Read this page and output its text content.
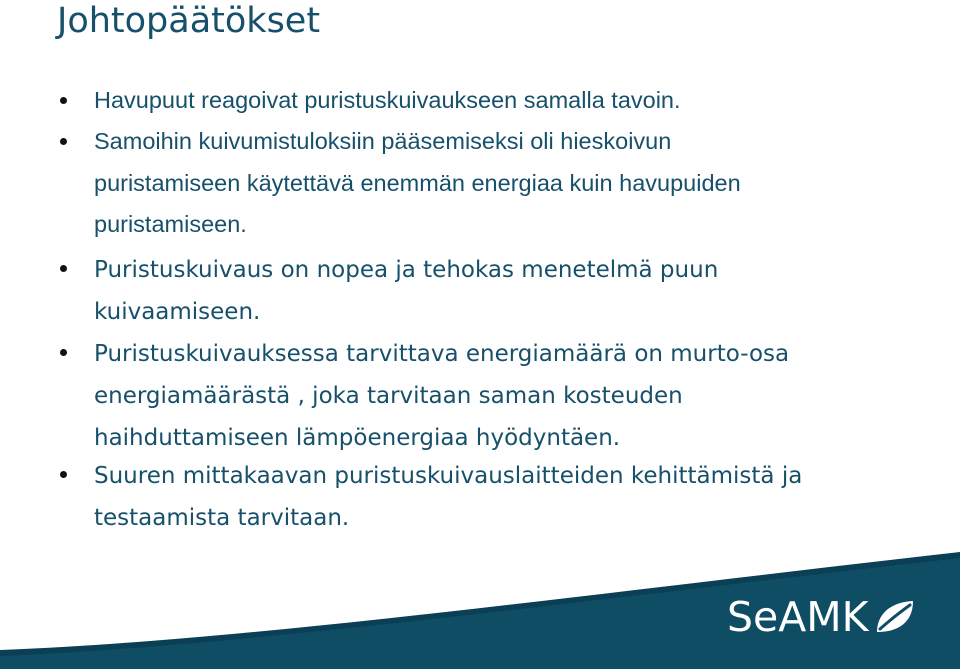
Johtopäätökset

Havupuut reagoivat puristuskuivaukseen samalla tavoin.

Samoihin kuivumistuloksiin pääsemiseksi oli hieskoivun
puristamiseen käytettävä enemmän energiaa kuin havupuiden
puristamiseen.

Puristuskuivaus on nopea ja tehokas menetelmä puun
kuivaamiseen.

Puristuskuivauksessa tarvittava energiamäärä on murto-osa
energiamäärästä , joka tarvitaan saman kosteuden
haihduttamiseen lämpöenergiaa hyödyntäen.

Suuren mittakaavan puristuskuivauslaitteiden kehittämistä ja
testaamista tarvitaan.

SeAMK
